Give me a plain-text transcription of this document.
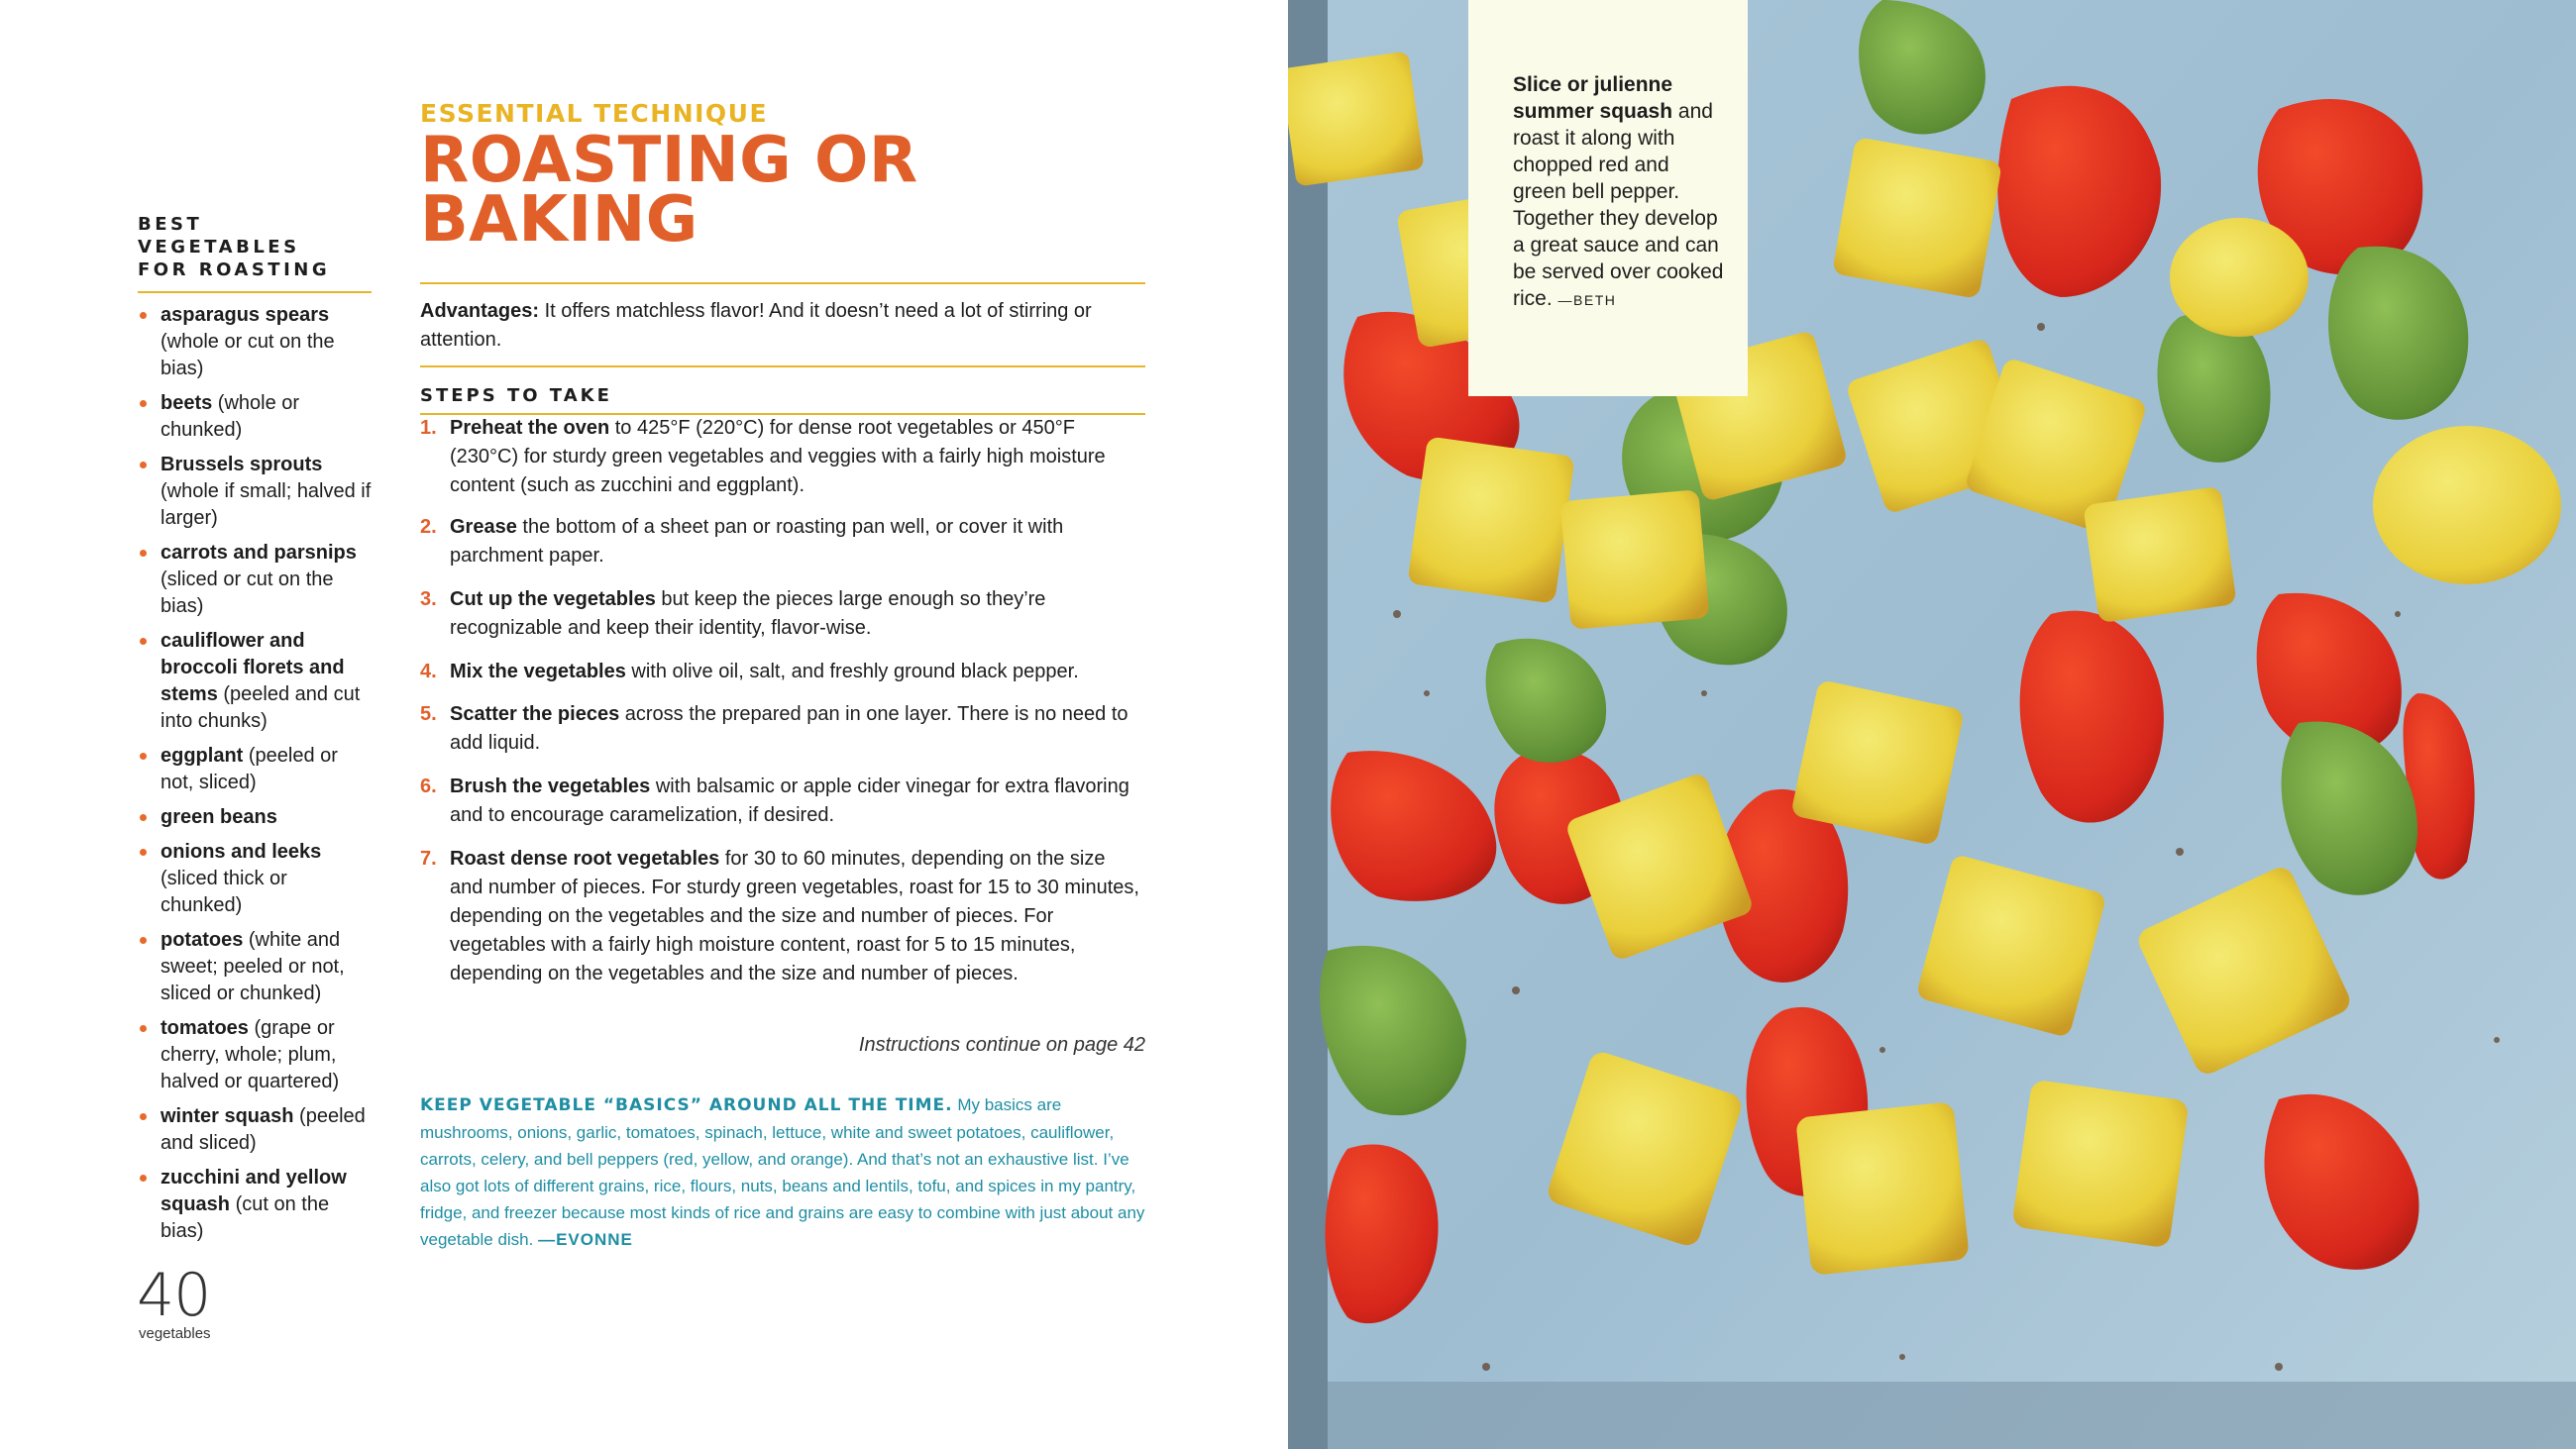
BEST VEGETABLES
FOR ROASTING
asparagus spears (whole or cut on the bias)
beets (whole or chunked)
Brussels sprouts (whole if small; halved if larger)
carrots and parsnips (sliced or cut on the bias)
cauliflower and broccoli florets and stems (peeled and cut into chunks)
eggplant (peeled or not, sliced)
green beans
onions and leeks (sliced thick or chunked)
potatoes (white and sweet; peeled or not, sliced or chunked)
tomatoes (grape or cherry, whole; plum, halved or quartered)
winter squash (peeled and sliced)
zucchini and yellow squash (cut on the bias)
40
vegetables
ESSENTIAL TECHNIQUE
ROASTING OR
BAKING
Advantages: It offers matchless flavor! And it doesn’t need a lot of stirring or attention.
STEPS TO TAKE
1. Preheat the oven to 425°F (220°C) for dense root vegetables or 450°F (230°C) for sturdy green vegetables and veggies with a fairly high moisture content (such as zucchini and eggplant).
2. Grease the bottom of a sheet pan or roasting pan well, or cover it with parchment paper.
3. Cut up the vegetables but keep the pieces large enough so they’re recognizable and keep their identity, flavor-wise.
4. Mix the vegetables with olive oil, salt, and freshly ground black pepper.
5. Scatter the pieces across the prepared pan in one layer. There is no need to add liquid.
6. Brush the vegetables with balsamic or apple cider vinegar for extra flavoring and to encourage caramelization, if desired.
7. Roast dense root vegetables for 30 to 60 minutes, depending on the size and number of pieces. For sturdy green vegetables, roast for 15 to 30 minutes, depending on the vegetables and the size and number of pieces. For vegetables with a fairly high moisture content, roast for 5 to 15 minutes, depending on the vegetables and the size and number of pieces.
Instructions continue on page 42
KEEP VEGETABLE “BASICS” AROUND ALL THE TIME. My basics are mushrooms, onions, garlic, tomatoes, spinach, lettuce, white and sweet potatoes, cauliflower, carrots, celery, and bell peppers (red, yellow, and orange). And that’s not an exhaustive list. I’ve also got lots of different grains, rice, flours, nuts, beans and lentils, tofu, and spices in my pantry, fridge, and freezer because most kinds of rice and grains are easy to combine with just about any vegetable dish. —EVONNE
Slice or julienne summer squash and roast it along with chopped red and green bell pepper. Together they develop a great sauce and can be served over cooked rice. —BETH
